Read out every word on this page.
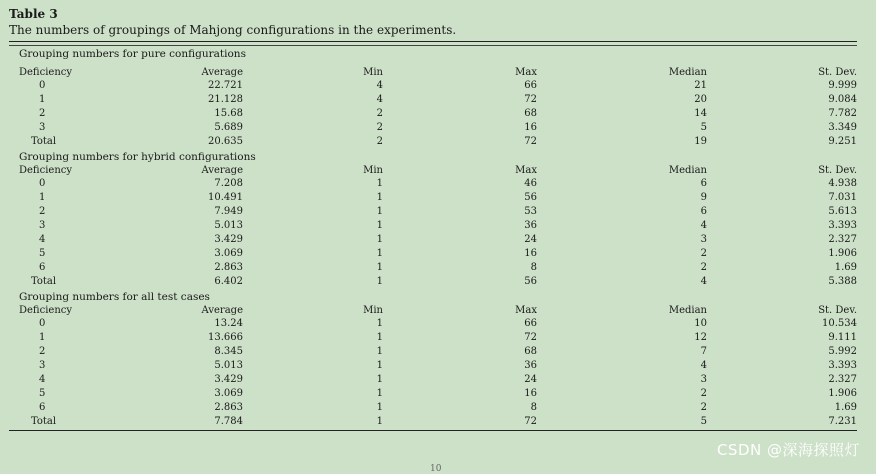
Table 3
The numbers of groupings of Mahjong configurations in the experiments.
Grouping numbers for pure configurations
Deficiency	Average	Min	Max	Median	St. Dev.
0	22.721	4	66	21	9.999
1	21.128	4	72	20	9.084
2	15.68	2	68	14	7.782
3	5.689	2	16	5	3.349
Total	20.635	2	72	19	9.251
Grouping numbers for hybrid configurations
Deficiency	Average	Min	Max	Median	St. Dev.
0	7.208	1	46	6	4.938
1	10.491	1	56	9	7.031
2	7.949	1	53	6	5.613
3	5.013	1	36	4	3.393
4	3.429	1	24	3	2.327
5	3.069	1	16	2	1.906
6	2.863	1	8	2	1.69
Total	6.402	1	56	4	5.388
Grouping numbers for all test cases
Deficiency	Average	Min	Max	Median	St. Dev.
0	13.24	1	66	10	10.534
1	13.666	1	72	12	9.111
2	8.345	1	68	7	5.992
3	5.013	1	36	4	3.393
4	3.429	1	24	3	2.327
5	3.069	1	16	2	1.906
6	2.863	1	8	2	1.69
Total	7.784	1	72	5	7.231
CSDN @深海探照灯
10
